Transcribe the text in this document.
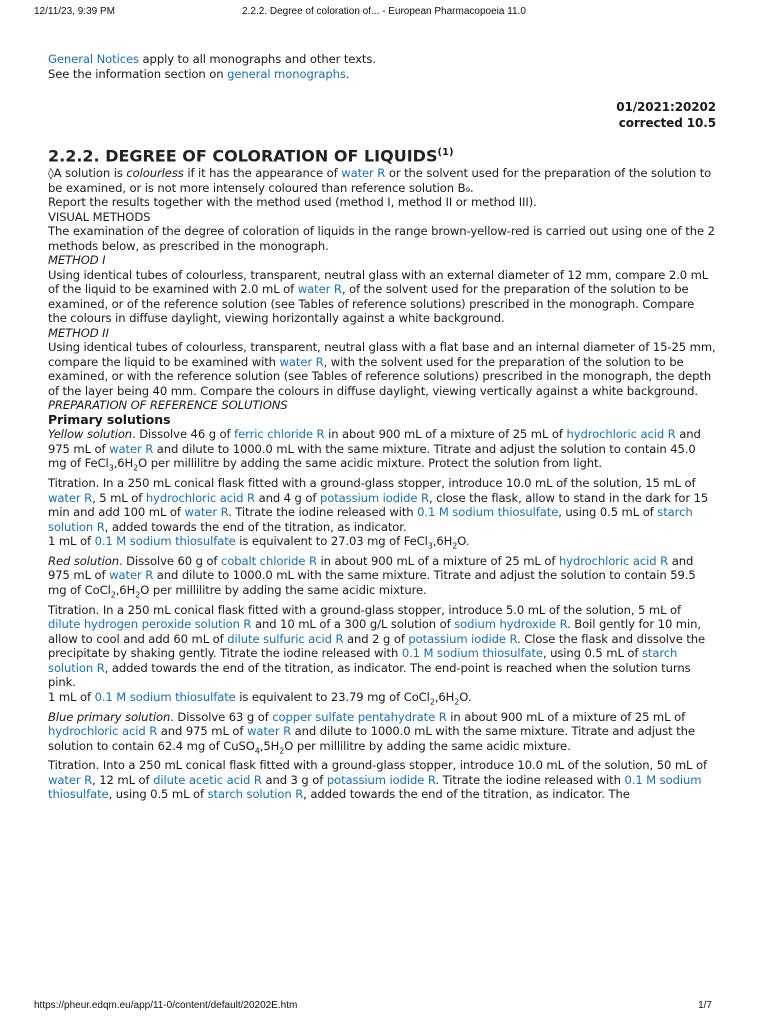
12/11/23, 9:39 PM	2.2.2. Degree of coloration of... - European Pharmacopoeia 11.0

General Notices apply to all monographs and other texts.

See the information section on general monographs.

01/2021:20202
corrected 10.5
2.2.2. DEGREE OF COLORATION OF LIQUIDS$^{(1)}$

◊A solution is colourless if it has the appearance of water R or the solvent used for the preparation of the solution to be examined, or is not more intensely coloured than reference solution B₉.

Report the results together with the method used (method I, method II or method III).

VISUAL METHODS

The examination of the degree of coloration of liquids in the range brown-yellow-red is carried out using one of the 2 methods below, as prescribed in the monograph.

METHOD I

Using identical tubes of colourless, transparent, neutral glass with an external diameter of 12 mm, compare 2.0 mL of the liquid to be examined with 2.0 mL of water R, of the solvent used for the preparation of the solution to be examined, or of the reference solution (see Tables of reference solutions) prescribed in the monograph. Compare the colours in diffuse daylight, viewing horizontally against a white background.

METHOD II

Using identical tubes of colourless, transparent, neutral glass with a flat base and an internal diameter of 15-25 mm, compare the liquid to be examined with water R, with the solvent used for the preparation of the solution to be examined, or with the reference solution (see Tables of reference solutions) prescribed in the monograph, the depth of the layer being 40 mm. Compare the colours in diffuse daylight, viewing vertically against a white background.

PREPARATION OF REFERENCE SOLUTIONS

Primary solutions

Yellow solution. Dissolve 46 g of ferric chloride R in about 900 mL of a mixture of 25 mL of hydrochloric acid R and 975 mL of water R and dilute to 1000.0 mL with the same mixture. Titrate and adjust the solution to contain 45.0 mg of $FeCl_3,6H_2O$ per millilitre by adding the same acidic mixture. Protect the solution from light.

Titration. In a 250 mL conical flask fitted with a ground-glass stopper, introduce 10.0 mL of the solution, 15 mL of water R, 5 mL of hydrochloric acid R and 4 g of potassium iodide R, close the flask, allow to stand in the dark for 15 min and add 100 mL of water R. Titrate the iodine released with 0.1 M sodium thiosulfate, using 0.5 mL of starch solution R, added towards the end of the titration, as indicator.

1 mL of 0.1 M sodium thiosulfate is equivalent to 27.03 mg of $FeCl_3,6H_2O$.

Red solution. Dissolve 60 g of cobalt chloride R in about 900 mL of a mixture of 25 mL of hydrochloric acid R and 975 mL of water R and dilute to 1000.0 mL with the same mixture. Titrate and adjust the solution to contain 59.5 mg of $CoCl_2,6H_2O$ per millilitre by adding the same acidic mixture.

Titration. In a 250 mL conical flask fitted with a ground-glass stopper, introduce 5.0 mL of the solution, 5 mL of dilute hydrogen peroxide solution R and 10 mL of a 300 g/L solution of sodium hydroxide R. Boil gently for 10 min, allow to cool and add 60 mL of dilute sulfuric acid R and 2 g of potassium iodide R. Close the flask and dissolve the precipitate by shaking gently. Titrate the iodine released with 0.1 M sodium thiosulfate, using 0.5 mL of starch solution R, added towards the end of the titration, as indicator. The end-point is reached when the solution turns pink.

1 mL of 0.1 M sodium thiosulfate is equivalent to 23.79 mg of $CoCl_2,6H_2O$.

Blue primary solution. Dissolve 63 g of copper sulfate pentahydrate R in about 900 mL of a mixture of 25 mL of hydrochloric acid R and 975 mL of water R and dilute to 1000.0 mL with the same mixture. Titrate and adjust the solution to contain 62.4 mg of $CuSO_4,5H_2O$ per millilitre by adding the same acidic mixture.

Titration. Into a 250 mL conical flask fitted with a ground-glass stopper, introduce 10.0 mL of the solution, 50 mL of water R, 12 mL of dilute acetic acid R and 3 g of potassium iodide R. Titrate the iodine released with 0.1 M sodium thiosulfate, using 0.5 mL of starch solution R, added towards the end of the titration, as indicator. The

https://pheur.edqm.eu/app/11-0/content/default/20202E.htm	1/7
